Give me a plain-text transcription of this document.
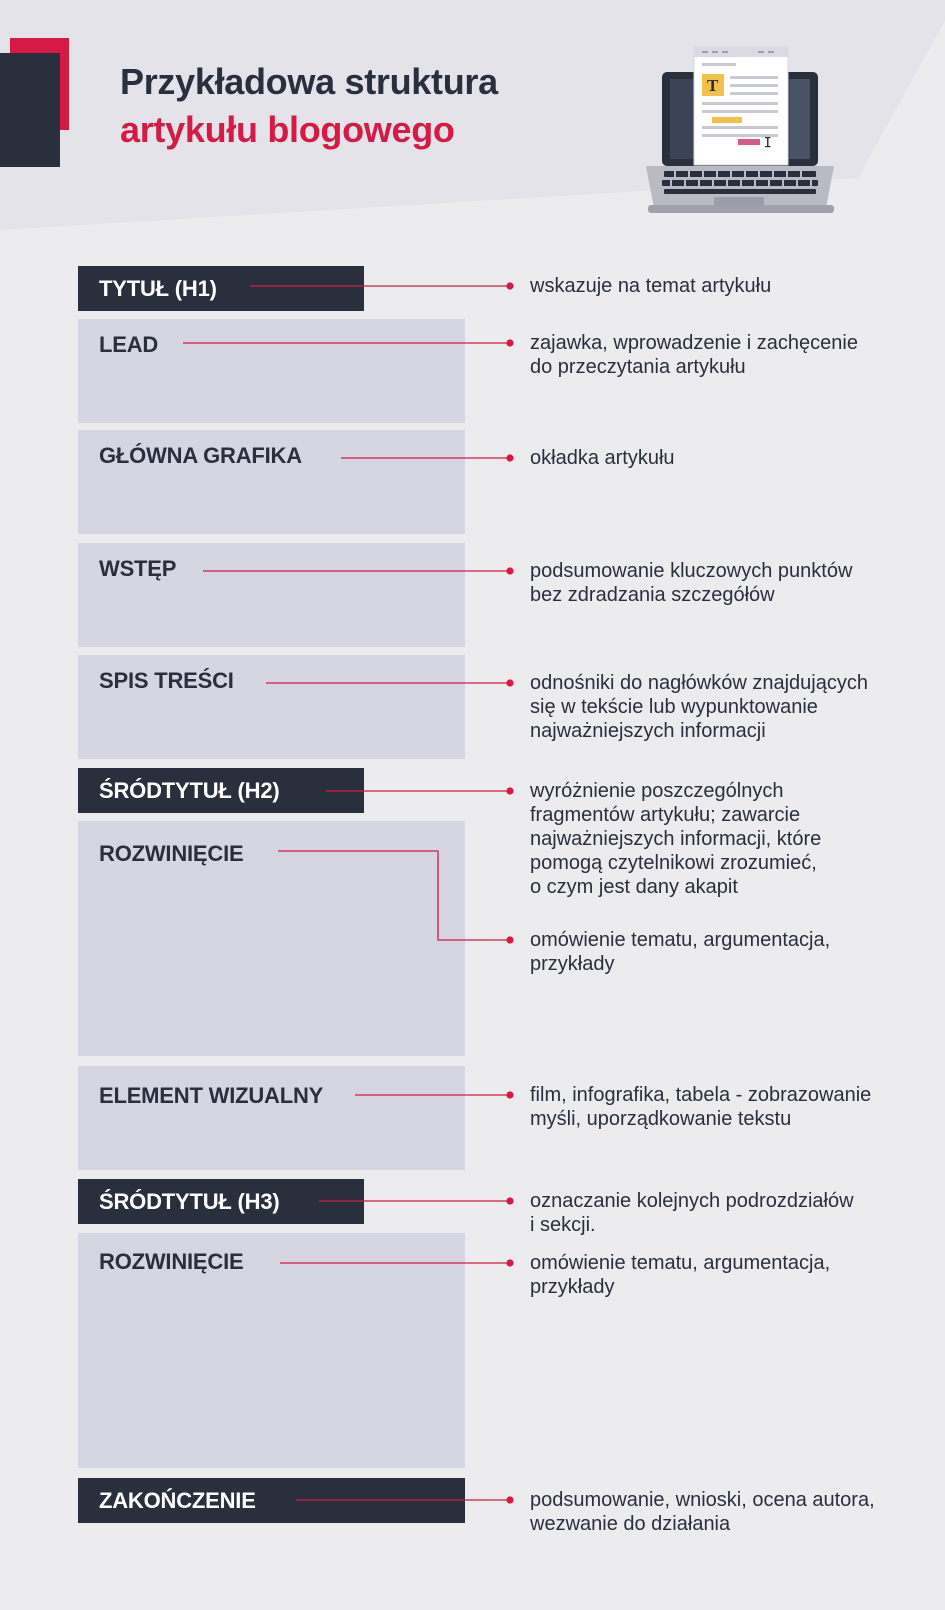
Przykładowa struktura
artykułu blogowego
T
TYTUŁ (H1)
LEAD
GŁÓWNA GRAFIKA
WSTĘP
SPIS TREŚCI
ŚRÓDTYTUŁ (H2)
ROZWINIĘCIE
ELEMENT WIZUALNY
ŚRÓDTYTUŁ (H3)
ROZWINIĘCIE
ZAKOŃCZENIE
wskazuje na temat artykułu
zajawka, wprowadzenie i zachęcenie
do przeczytania artykułu
okładka artykułu
podsumowanie kluczowych punktów
bez zdradzania szczegółów
odnośniki do nagłówków znajdujących
się w tekście lub wypunktowanie
najważniejszych informacji
wyróżnienie poszczególnych
fragmentów artykułu; zawarcie
najważniejszych informacji, które
pomogą czytelnikowi zrozumieć,
o czym jest dany akapit
omówienie tematu, argumentacja,
przykłady
film, infografika, tabela - zobrazowanie
myśli, uporządkowanie tekstu
oznaczanie kolejnych podrozdziałów
i sekcji.
omówienie tematu, argumentacja,
przykłady
podsumowanie, wnioski, ocena autora,
wezwanie do działania
